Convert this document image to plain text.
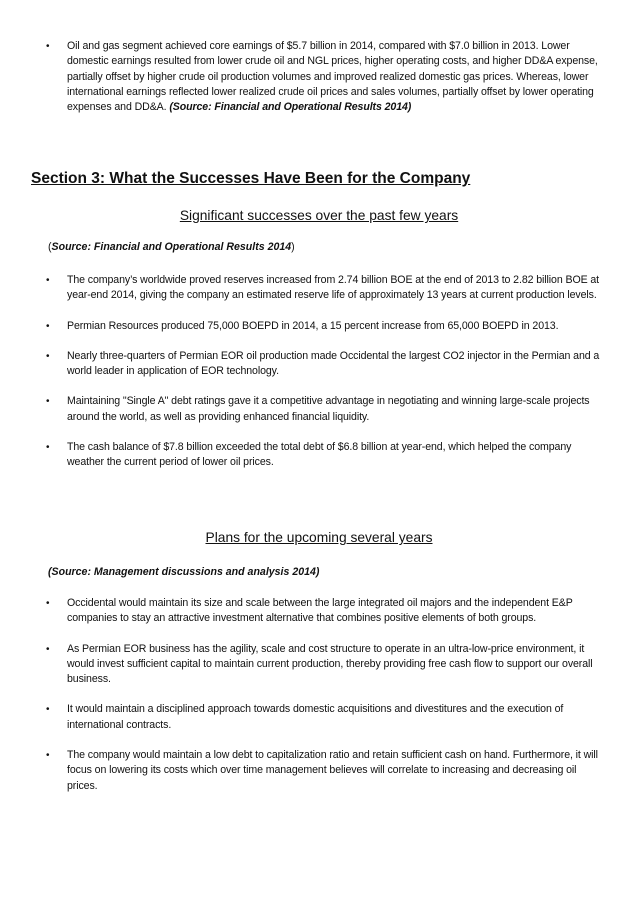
• Oil and gas segment achieved core earnings of $5.7 billion in 2014, compared with $7.0 billion in 2013. Lower domestic earnings resulted from lower crude oil and NGL prices, higher operating costs, and higher DD&A expense, partially offset by higher crude oil production volumes and improved realized domestic gas prices. Whereas, lower international earnings reflected lower realized crude oil prices and sales volumes, partially offset by lower operating expenses and DD&A. (Source: Financial and Operational Results 2014)
Section 3: What the Successes Have Been for the Company
Significant successes over the past few years

(Source: Financial and Operational Results 2014)

• The company’s worldwide proved reserves increased from 2.74 billion BOE at the end of 2013 to 2.82 billion BOE at year-end 2014, giving the company an estimated reserve life of approximately 13 years at current production levels.
• Permian Resources produced 75,000 BOEPD in 2014, a 15 percent increase from 65,000 BOEPD in 2013.
• Nearly three-quarters of Permian EOR oil production made Occidental the largest CO2 injector in the Permian and a world leader in application of EOR technology.
• Maintaining "Single A" debt ratings gave it a competitive advantage in negotiating and winning large-scale projects around the world, as well as providing enhanced financial liquidity.
• The cash balance of $7.8 billion exceeded the total debt of $6.8 billion at year-end, which helped the company weather the current period of lower oil prices.
Plans for the upcoming several years

(Source: Management discussions and analysis 2014)

• Occidental would maintain its size and scale between the large integrated oil majors and the independent E&P companies to stay an attractive investment alternative that combines positive elements of both groups.
• As Permian EOR business has the agility, scale and cost structure to operate in an ultra-low-price environment, it would invest sufficient capital to maintain current production, thereby providing free cash flow to support our overall business.
• It would maintain a disciplined approach towards domestic acquisitions and divestitures and the execution of international contracts.
• The company would maintain a low debt to capitalization ratio and retain sufficient cash on hand. Furthermore, it will focus on lowering its costs which over time management believes will correlate to increasing and decreasing oil prices.
